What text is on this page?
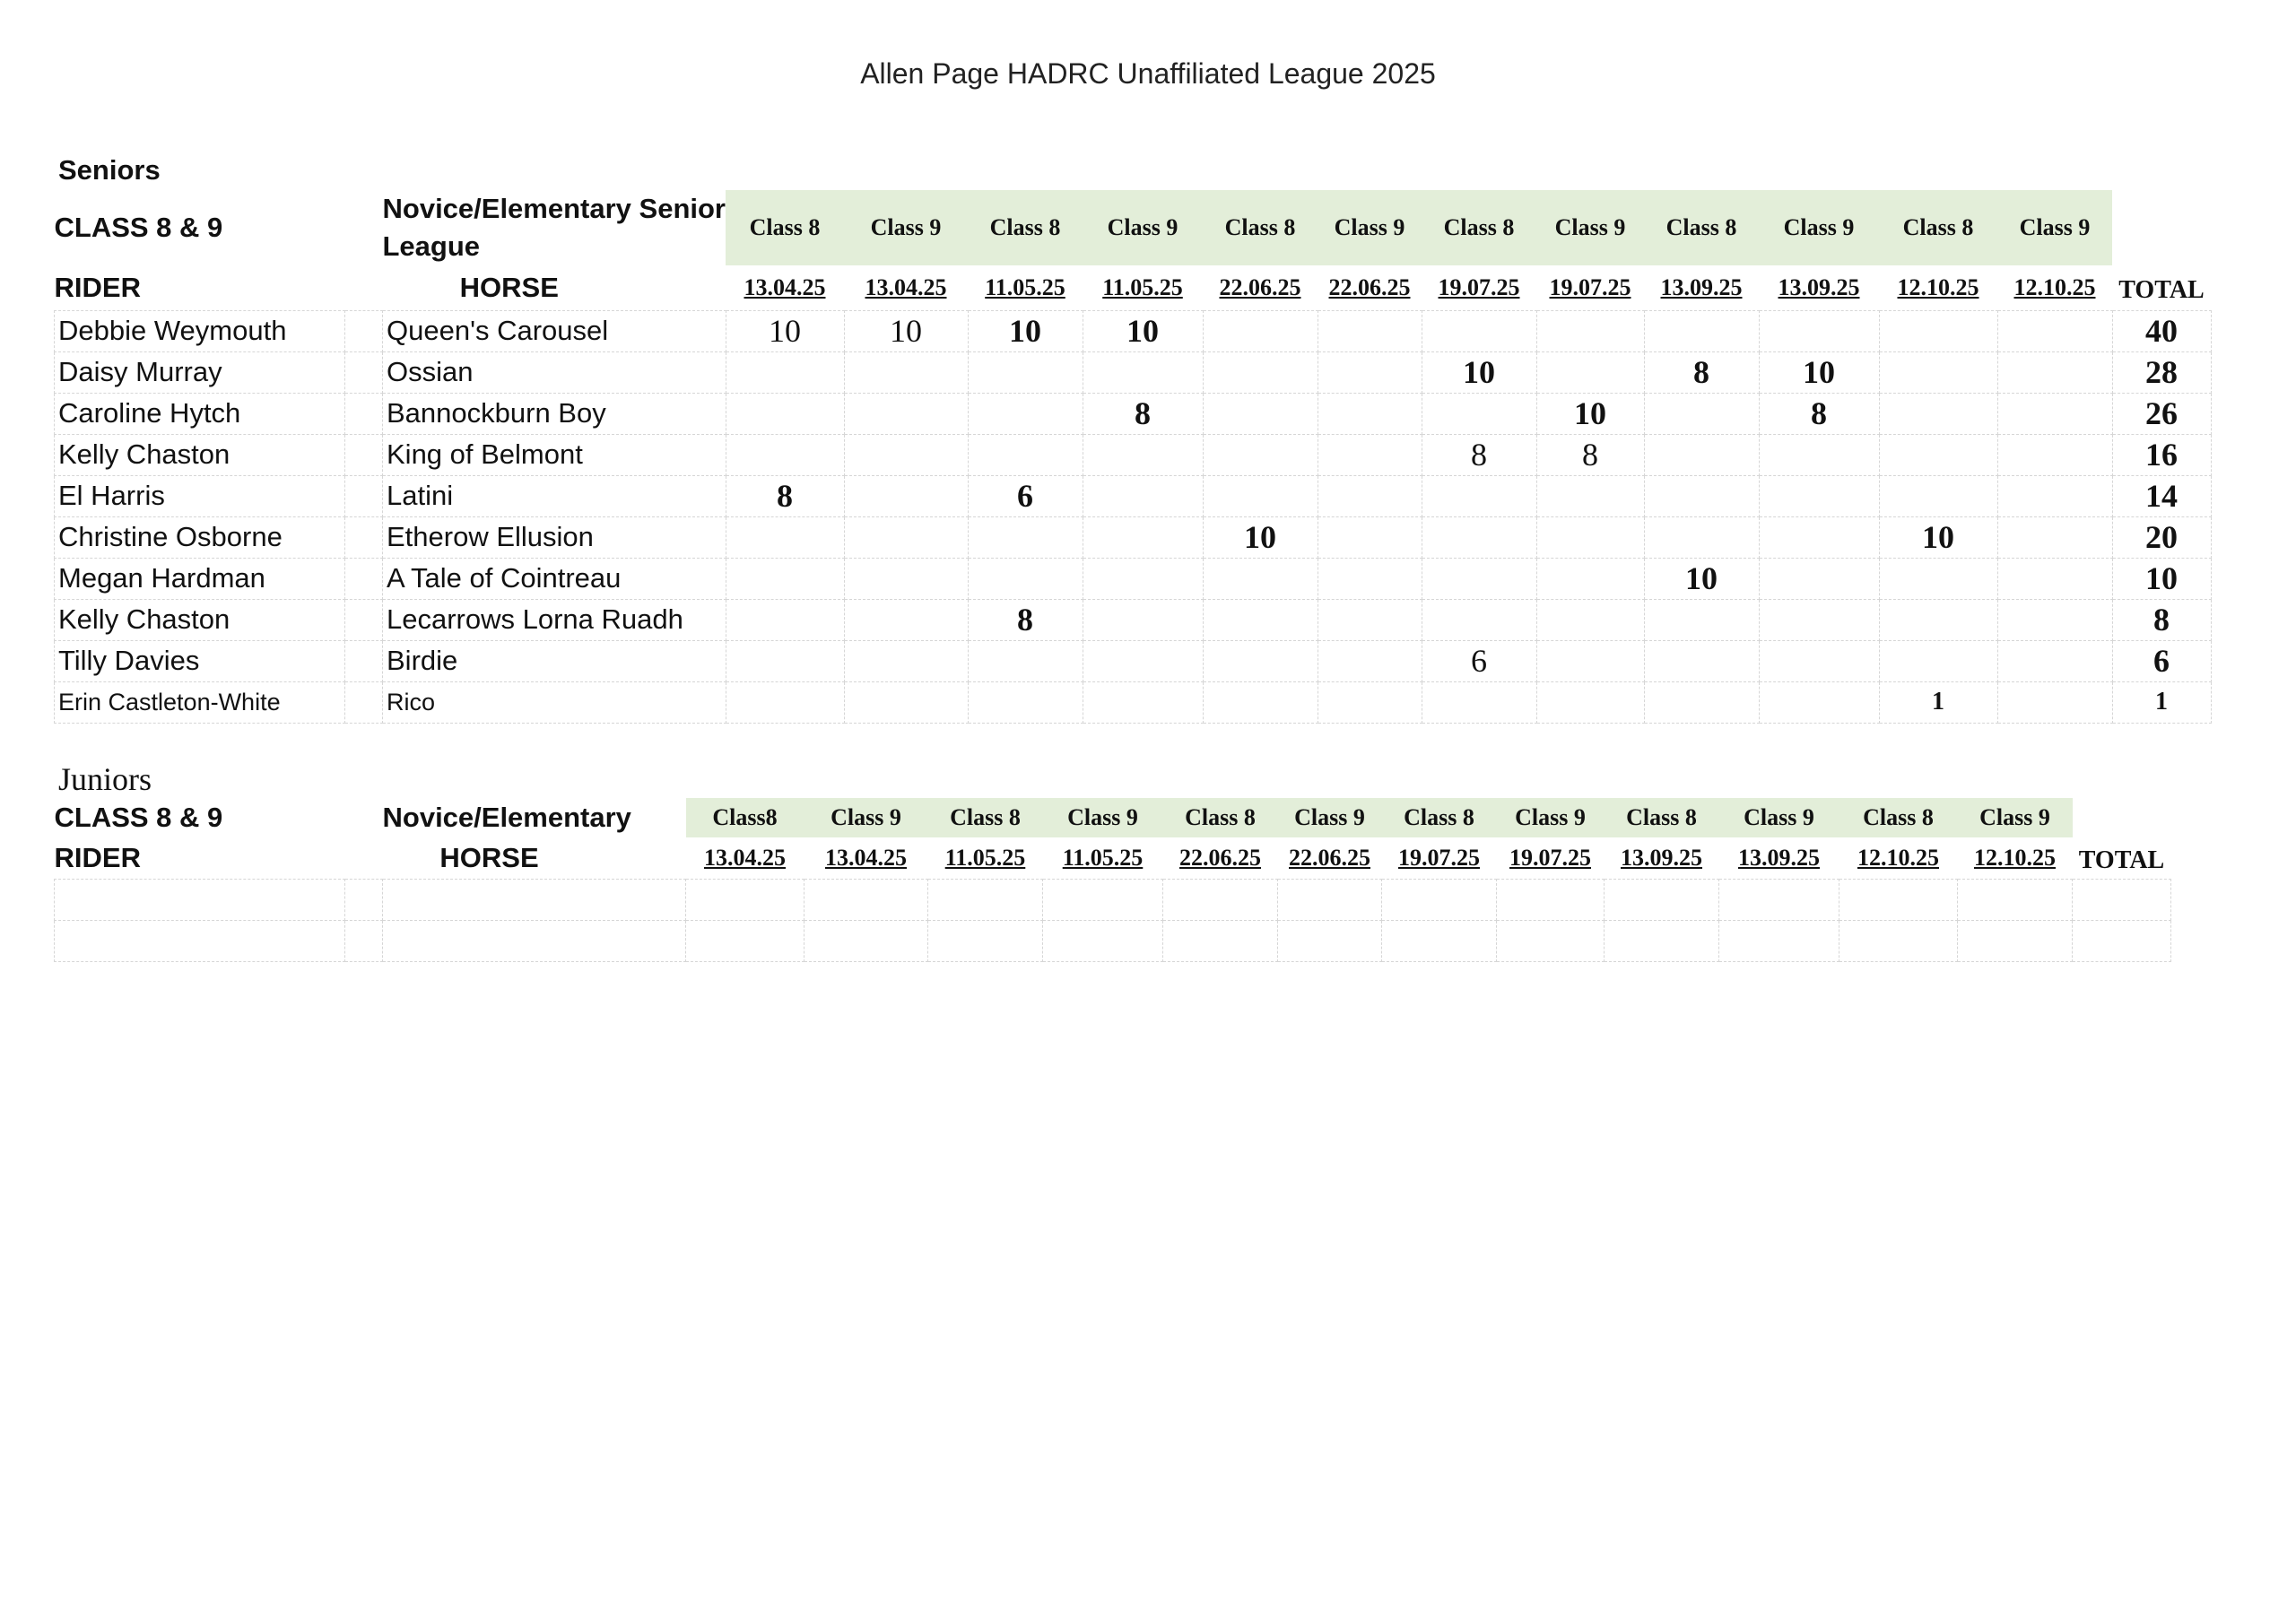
Allen Page HADRC Unaffiliated League 2025
Seniors
CLASS 8 & 9		Novice/Elementary Senior
League	Class 8	Class 9	Class 8	Class 9	Class 8	Class 9	Class 8	Class 9	Class 8	Class 9	Class 8	Class 9	
RIDER		HORSE	13.04.25	13.04.25	11.05.25	11.05.25	22.06.25	22.06.25	19.07.25	19.07.25	13.09.25	13.09.25	12.10.25	12.10.25	TOTAL
Debbie Weymouth		Queen's Carousel	10	10	10	10									40
Daisy Murray		Ossian							10		8	10			28
Caroline Hytch		Bannockburn Boy				8				10		8			26
Kelly Chaston		King of Belmont							8	8					16
El Harris		Latini	8		6										14
Christine Osborne		Etherow Ellusion					10						10		20
Megan Hardman		A Tale of Cointreau									10				10
Kelly Chaston		Lecarrows Lorna Ruadh			8										8
Tilly Davies		Birdie							6						6
Erin Castleton-White		Rico											1		1
Juniors
CLASS 8 & 9		Novice/Elementary	Class8	Class 9	Class 8	Class 9	Class 8	Class 9	Class 8	Class 9	Class 8	Class 9	Class 8	Class 9	
RIDER		HORSE	13.04.25	13.04.25	11.05.25	11.05.25	22.06.25	22.06.25	19.07.25	19.07.25	13.09.25	13.09.25	12.10.25	12.10.25	TOTAL
